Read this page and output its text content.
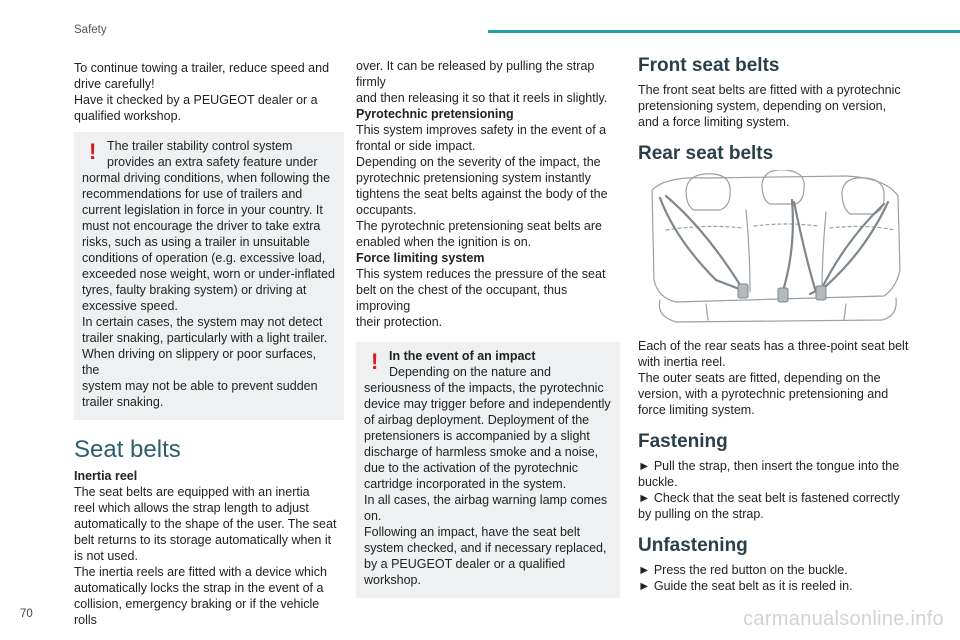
Safety

To continue towing a trailer, reduce speed and

drive carefully!

Have it checked by a PEUGEOT dealer or a

qualified workshop.

! The trailer stability control system

provides an extra safety feature under

normal driving conditions, when following the

recommendations for use of trailers and

current legislation in force in your country. It

must not encourage the driver to take extra

risks, such as using a trailer in unsuitable

conditions of operation (e.g. excessive load,

exceeded nose weight, worn or under-inflated

tyres, faulty braking system) or driving at

excessive speed.

In certain cases, the system may not detect

trailer snaking, particularly with a light trailer.

When driving on slippery or poor surfaces, the

system may not be able to prevent sudden

trailer snaking.

Seat belts

Inertia reel

The seat belts are equipped with an inertia

reel which allows the strap length to adjust

automatically to the shape of the user. The seat

belt returns to its storage automatically when it

is not used.

The inertia reels are fitted with a device which

automatically locks the strap in the event of a

collision, emergency braking or if the vehicle rolls

over. It can be released by pulling the strap firmly

and then releasing it so that it reels in slightly.

Pyrotechnic pretensioning

This system improves safety in the event of a

frontal or side impact.

Depending on the severity of the impact, the

pyrotechnic pretensioning system instantly

tightens the seat belts against the body of the

occupants.

The pyrotechnic pretensioning seat belts are

enabled when the ignition is on.

Force limiting system

This system reduces the pressure of the seat

belt on the chest of the occupant, thus improving

their protection.

! In the event of an impact

Depending on the nature and

seriousness of the impacts, the pyrotechnic

device may trigger before and independently

of airbag deployment. Deployment of the

pretensioners is accompanied by a slight

discharge of harmless smoke and a noise,

due to the activation of the pyrotechnic

cartridge incorporated in the system.

In all cases, the airbag warning lamp comes

on.

Following an impact, have the seat belt

system checked, and if necessary replaced,

by a PEUGEOT dealer or a qualified

workshop.

Front seat belts

The front seat belts are fitted with a pyrotechnic

pretensioning system, depending on version,

and a force limiting system.

Rear seat belts

Each of the rear seats has a three-point seat belt

with inertia reel.

The outer seats are fitted, depending on the

version, with a pyrotechnic pretensioning and

force limiting system.

Fastening

► Pull the strap, then insert the tongue into the

buckle.

► Check that the seat belt is fastened correctly

by pulling on the strap.

Unfastening

► Press the red button on the buckle.

► Guide the seat belt as it is reeled in.

70	carmanualsonline.info
